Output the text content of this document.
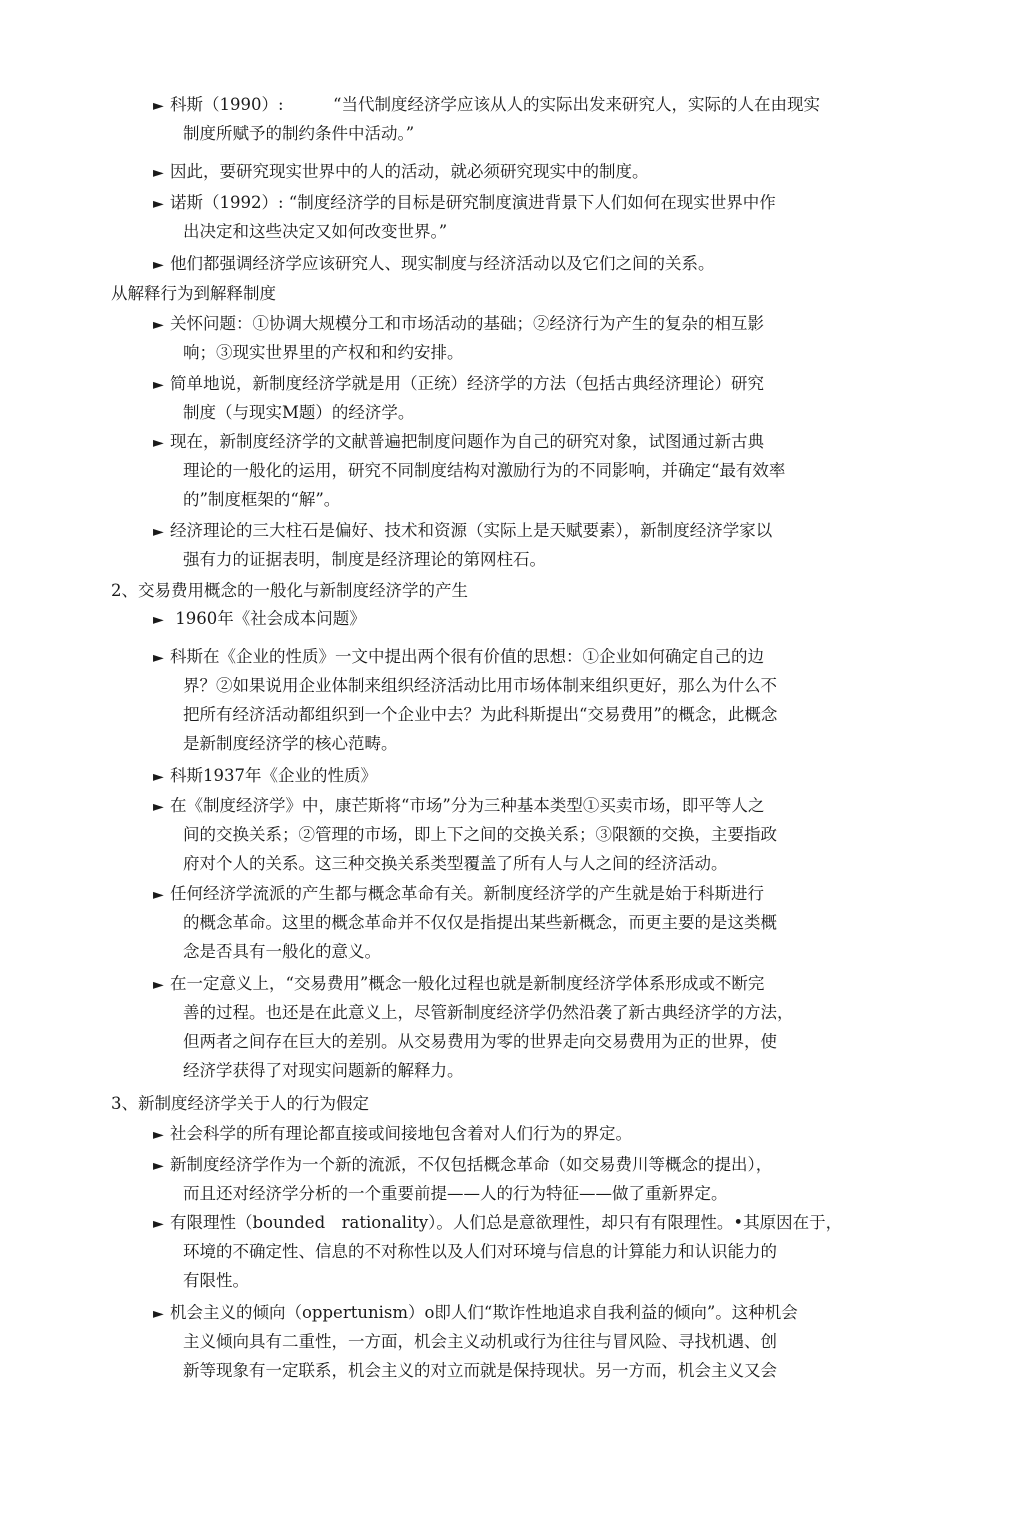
► 科斯（1990）:　　　“当代制度经济学应该从人的实际出发来研究人，实际的人在由现实
制度所赋予的制约条件中活动。”
► 因此，要研究现实世界中的人的活动，就必须研究现实中的制度。
► 诺斯（1992）: “制度经济学的目标是研究制度演进背景下人们如何在现实世界中作
出决定和这些决定又如何改变世界。”
► 他们都强调经济学应该研究人、现实制度与经济活动以及它们之间的关系。
从解释行为到解释制度
► 关怀问题：①协调大规模分工和市场活动的基础；②经济行为产生的复杂的相互影
响；③现实世界里的产权和和约安排。
► 简单地说，新制度经济学就是用（正统）经济学的方法（包括古典经济理论）研究
制度（与现实M题）的经济学。
► 现在，新制度经济学的文献普遍把制度问题作为自己的研究对象，试图通过新古典
理论的一般化的运用，研究不同制度结构对激励行为的不同影响，并确定“最有效率
的”制度框架的“解”。
► 经济理论的三大柱石是偏好、技术和资源（实际上是天赋要素），新制度经济学家以
强有力的证据表明，制度是经济理论的第网柱石。
2、交易费用概念的一般化与新制度经济学的产生
► 1960年《社会成本问题》
► 科斯在《企业的性质》一文中提出两个很有价值的思想：①企业如何确定自己的边
界？②如果说用企业体制来组织经济活动比用市场体制来组织更好，那么为什么不
把所有经济活动都组织到一个企业中去？为此科斯提出“交易费用”的概念，此概念
是新制度经济学的核心范畴。
► 科斯1937年《企业的性质》
► 在《制度经济学》中，康芒斯将“市场”分为三种基本类型①买卖市场，即平等人之
间的交换关系；②管理的市场，即上下之间的交换关系；③限额的交换，主要指政
府对个人的关系。这三种交换关系类型覆盖了所有人与人之间的经济活动。
► 任何经济学流派的产生都与概念革命有关。新制度经济学的产生就是始于科斯进行
的概念革命。这里的概念革命并不仅仅是指提出某些新概念，而更主要的是这类概
念是否具有一般化的意义。
► 在一定意义上，“交易费用”概念一般化过程也就是新制度经济学体系形成或不断完
善的过程。也还是在此意义上，尽管新制度经济学仍然沿袭了新古典经济学的方法，
但两者之间存在巨大的差别。从交易费用为零的世界走向交易费用为正的世界，使
经济学获得了对现实问题新的解释力。
3、新制度经济学关于人的行为假定
► 社会科学的所有理论都直接或间接地包含着对人们行为的界定。
► 新制度经济学作为一个新的流派，不仅包括概念革命（如交易费川等概念的提出），
而且还对经济学分析的一个重要前提——人的行为特征——做了重新界定。
► 有限理性（bounded　rationality）。人们总是意欲理性，却只有有限理性。•其原因在于，
环境的不确定性、信息的不对称性以及人们对环境与信息的计算能力和认识能力的
有限性。
► 机会主义的倾向（oppertunism）o即人们“欺诈性地追求自我利益的倾向”。这种机会
主义倾向具有二重性，一方面，机会主义动机或行为往往与冒风险、寻找机遇、创
新等现象有一定联系，机会主义的对立而就是保持现状。另一方而，机会主义又会
